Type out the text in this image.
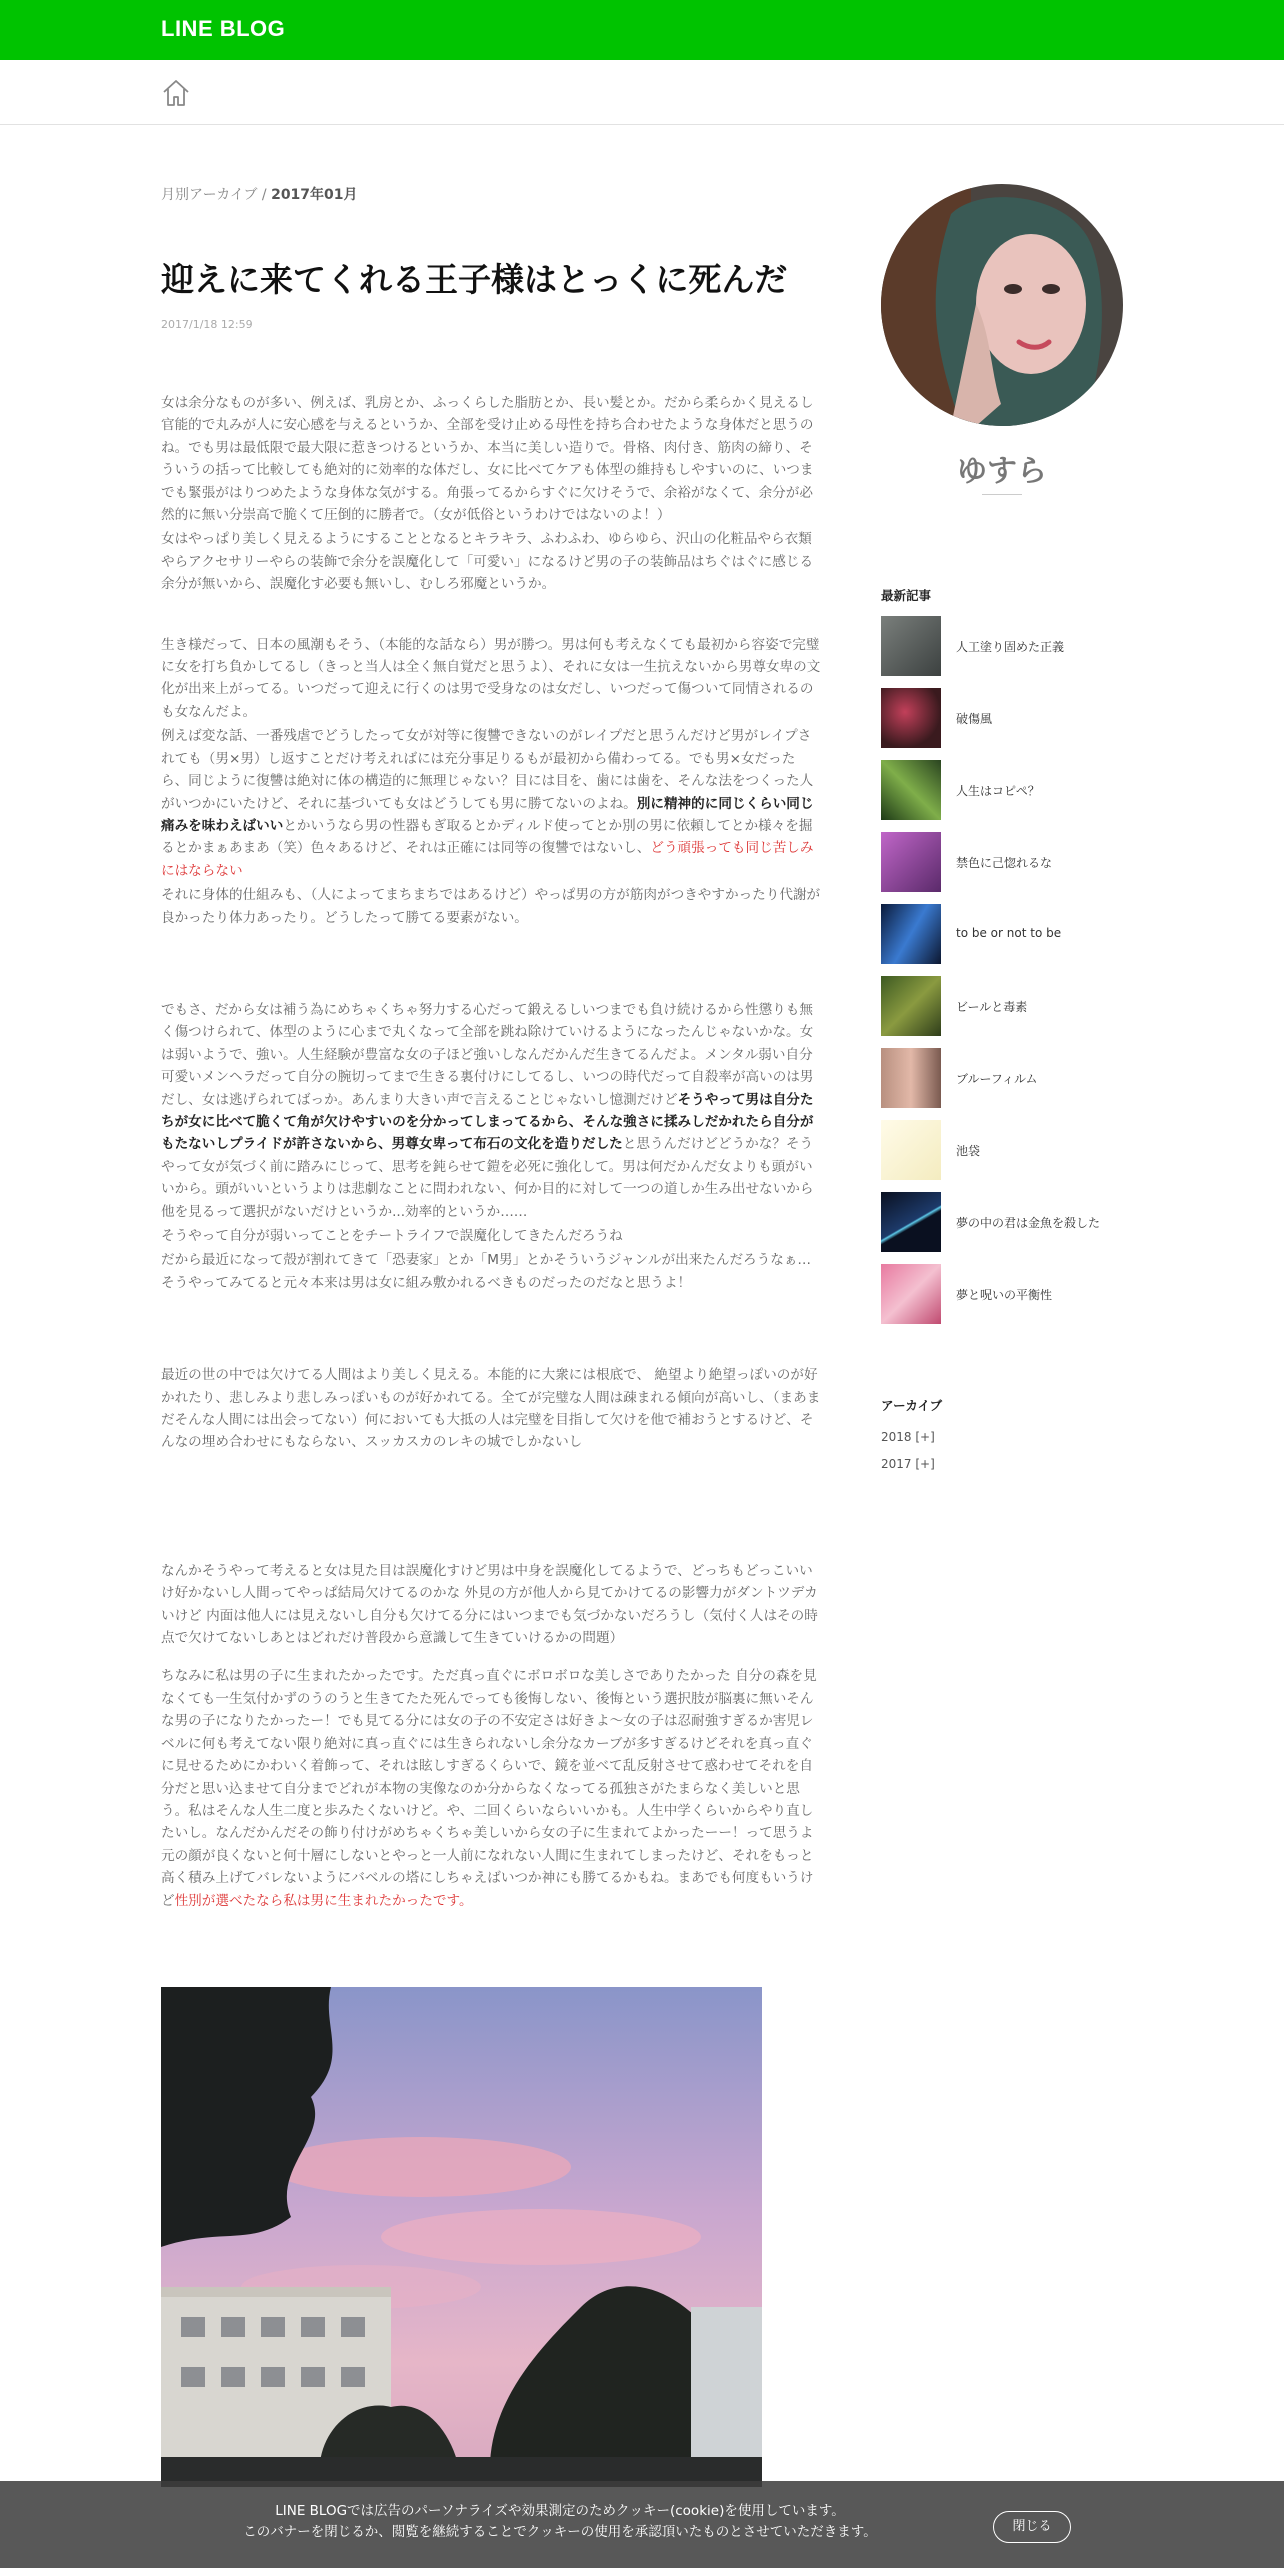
LINE BLOG
月別アーカイブ / 2017年01月
迎えに来てくれる王子様はとっくに死んだ
2017/1/18 12:59

女は余分なものが多い、例えば、乳房とか、ふっくらした脂肪とか、長い髪とか。だから柔らかく見えるし官能的で丸みが人に安心感を与えるというか、全部を受け止める母性を持ち合わせたような身体だと思うのね。でも男は最低限で最大限に惹きつけるというか、本当に美しい造りで。骨格、肉付き、筋肉の締り、そういうの括って比較しても絶対的に効率的な体だし、女に比べてケアも体型の維持もしやすいのに、いつまでも緊張がはりつめたような身体な気がする。角張ってるからすぐに欠けそうで、余裕がなくて、余分が必然的に無い分崇高で脆くて圧倒的に勝者で。（女が低俗というわけではないのよ！）

女はやっぱり美しく見えるようにすることとなるとキラキラ、ふわふわ、ゆらゆら、沢山の化粧品やら衣類やらアクセサリーやらの装飾で余分を誤魔化して「可愛い」になるけど男の子の装飾品はちぐはぐに感じる余分が無いから、誤魔化す必要も無いし、むしろ邪魔というか。

生き様だって、日本の風潮もそう、（本能的な話なら）男が勝つ。男は何も考えなくても最初から容姿で完璧に女を打ち負かしてるし（きっと当人は全く無自覚だと思うよ）、それに女は一生抗えないから男尊女卑の文化が出来上がってる。いつだって迎えに行くのは男で受身なのは女だし、いつだって傷ついて同情されるのも女なんだよ。

例えば変な話、一番残虐でどうしたって女が対等に復讐できないのがレイプだと思うんだけど男がレイプされても（男×男）し返すことだけ考えればには充分事足りるもが最初から備わってる。でも男×女だったら、同じように復讐は絶対に体の構造的に無理じゃない？目には目を、歯には歯を、そんな法をつくった人がいつかにいたけど、それに基づいても女はどうしても男に勝てないのよね。別に精神的に同じくらい同じ痛みを味わえばいいとかいうなら男の性器もぎ取るとかディルド使ってとか別の男に依頼してとか様々を掘るとかまぁあまあ（笑）色々あるけど、それは正確には同等の復讐ではないし、どう頑張っても同じ苦しみにはならない

それに身体的仕組みも、（人によってまちまちではあるけど）やっぱ男の方が筋肉がつきやすかったり代謝が良かったり体力あったり。どうしたって勝てる要素がない。

でもさ、だから女は補う為にめちゃくちゃ努力する心だって鍛えるしいつまでも負け続けるから性懲りも無く傷つけられて、体型のように心まで丸くなって全部を跳ね除けていけるようになったんじゃないかな。女は弱いようで、強い。人生経験が豊富な女の子ほど強いしなんだかんだ生きてるんだよ。メンタル弱い自分可愛いメンヘラだって自分の腕切ってまで生きる裏付けにしてるし、いつの時代だって自殺率が高いのは男だし、女は逃げられてばっか。あんまり大きい声で言えることじゃないし憶測だけどそうやって男は自分たちが女に比べて脆くて角が欠けやすいのを分かってしまってるから、そんな強さに揉みしだかれたら自分がもたないしプライドが許さないから、男尊女卑って布石の文化を造りだしたと思うんだけどどうかな？そうやって女が気づく前に踏みにじって、思考を鈍らせて鎧を必死に強化して。男は何だかんだ女よりも頭がいいから。頭がいいというよりは悲劇なことに問われない、何か目的に対して一つの道しか生み出せないから他を見るって選択がないだけというか...効率的というか……

そうやって自分が弱いってことをチートライフで誤魔化してきたんだろうね

だから最近になって殻が割れてきて「恐妻家」とか「M男」とかそういうジャンルが出来たんだろうなぁ…そうやってみてると元々本来は男は女に組み敷かれるべきものだったのだなと思うよ！

最近の世の中では欠けてる人間はより美しく見える。本能的に大衆には根底で、 絶望より絶望っぽいのが好かれたり、悲しみより悲しみっぽいものが好かれてる。全てが完璧な人間は疎まれる傾向が高いし、（まあまだそんな人間には出会ってない）何においても大抵の人は完璧を目指して欠けを他で補おうとするけど、そんなの埋め合わせにもならない、スッカスカのレキの城でしかないし

なんかそうやって考えると女は見た目は誤魔化すけど男は中身を誤魔化してるようで、どっちもどっこいいけ好かないし人間ってやっぱ結局欠けてるのかな 外見の方が他人から見てかけてるの影響力がダントツデカいけど 内面は他人には見えないし自分も欠けてる分にはいつまでも気づかないだろうし（気付く人はその時点で欠けてないしあとはどれだけ普段から意識して生きていけるかの問題）

ちなみに私は男の子に生まれたかったです。ただ真っ直ぐにボロボロな美しさでありたかった 自分の森を見なくても一生気付かずのうのうと生きてたた死んでっても後悔しない、後悔という選択肢が脳裏に無いそんな男の子になりたかったー！でも見てる分には女の子の不安定さは好きよ〜女の子は忍耐強すぎるか害児レベルに何も考えてない限り絶対に真っ直ぐには生きられないし余分なカーブが多すぎるけどそれを真っ直ぐに見せるためにかわいく着飾って、それは眩しすぎるくらいで、鏡を並べて乱反射させて惑わせてそれを自分だと思い込ませて自分までどれが本物の実像なのか分からなくなってる孤独さがたまらなく美しいと思う。私はそんな人生二度と歩みたくないけど。や、二回くらいならいいかも。人生中学くらいからやり直したいし。なんだかんだその飾り付けがめちゃくちゃ美しいから女の子に生まれてよかったーー！って思うよ 元の顔が良くないと何十層にしないとやっと一人前になれない人間に生まれてしまったけど、それをもっと高く積み上げてバレないようにバベルの塔にしちゃえばいつか神にも勝てるかもね。まあでも何度もいうけど性別が選べたなら私は男に生まれたかったです。

ゆすら
最新記事
人工塗り固めた正義
破傷風
人生はコピペ？
禁色に己惚れるな
to be or not to be
ビールと毒素
ブルーフィルム
池袋
夢の中の君は金魚を殺した
夢と呪いの平衡性
アーカイブ
2018 [+]
2017 [+]
LINE BLOGでは広告のパーソナライズや効果測定のためクッキー(cookie)を使用しています。
このバナーを閉じるか、閲覧を継続することでクッキーの使用を承認頂いたものとさせていただきます。	閉じる
